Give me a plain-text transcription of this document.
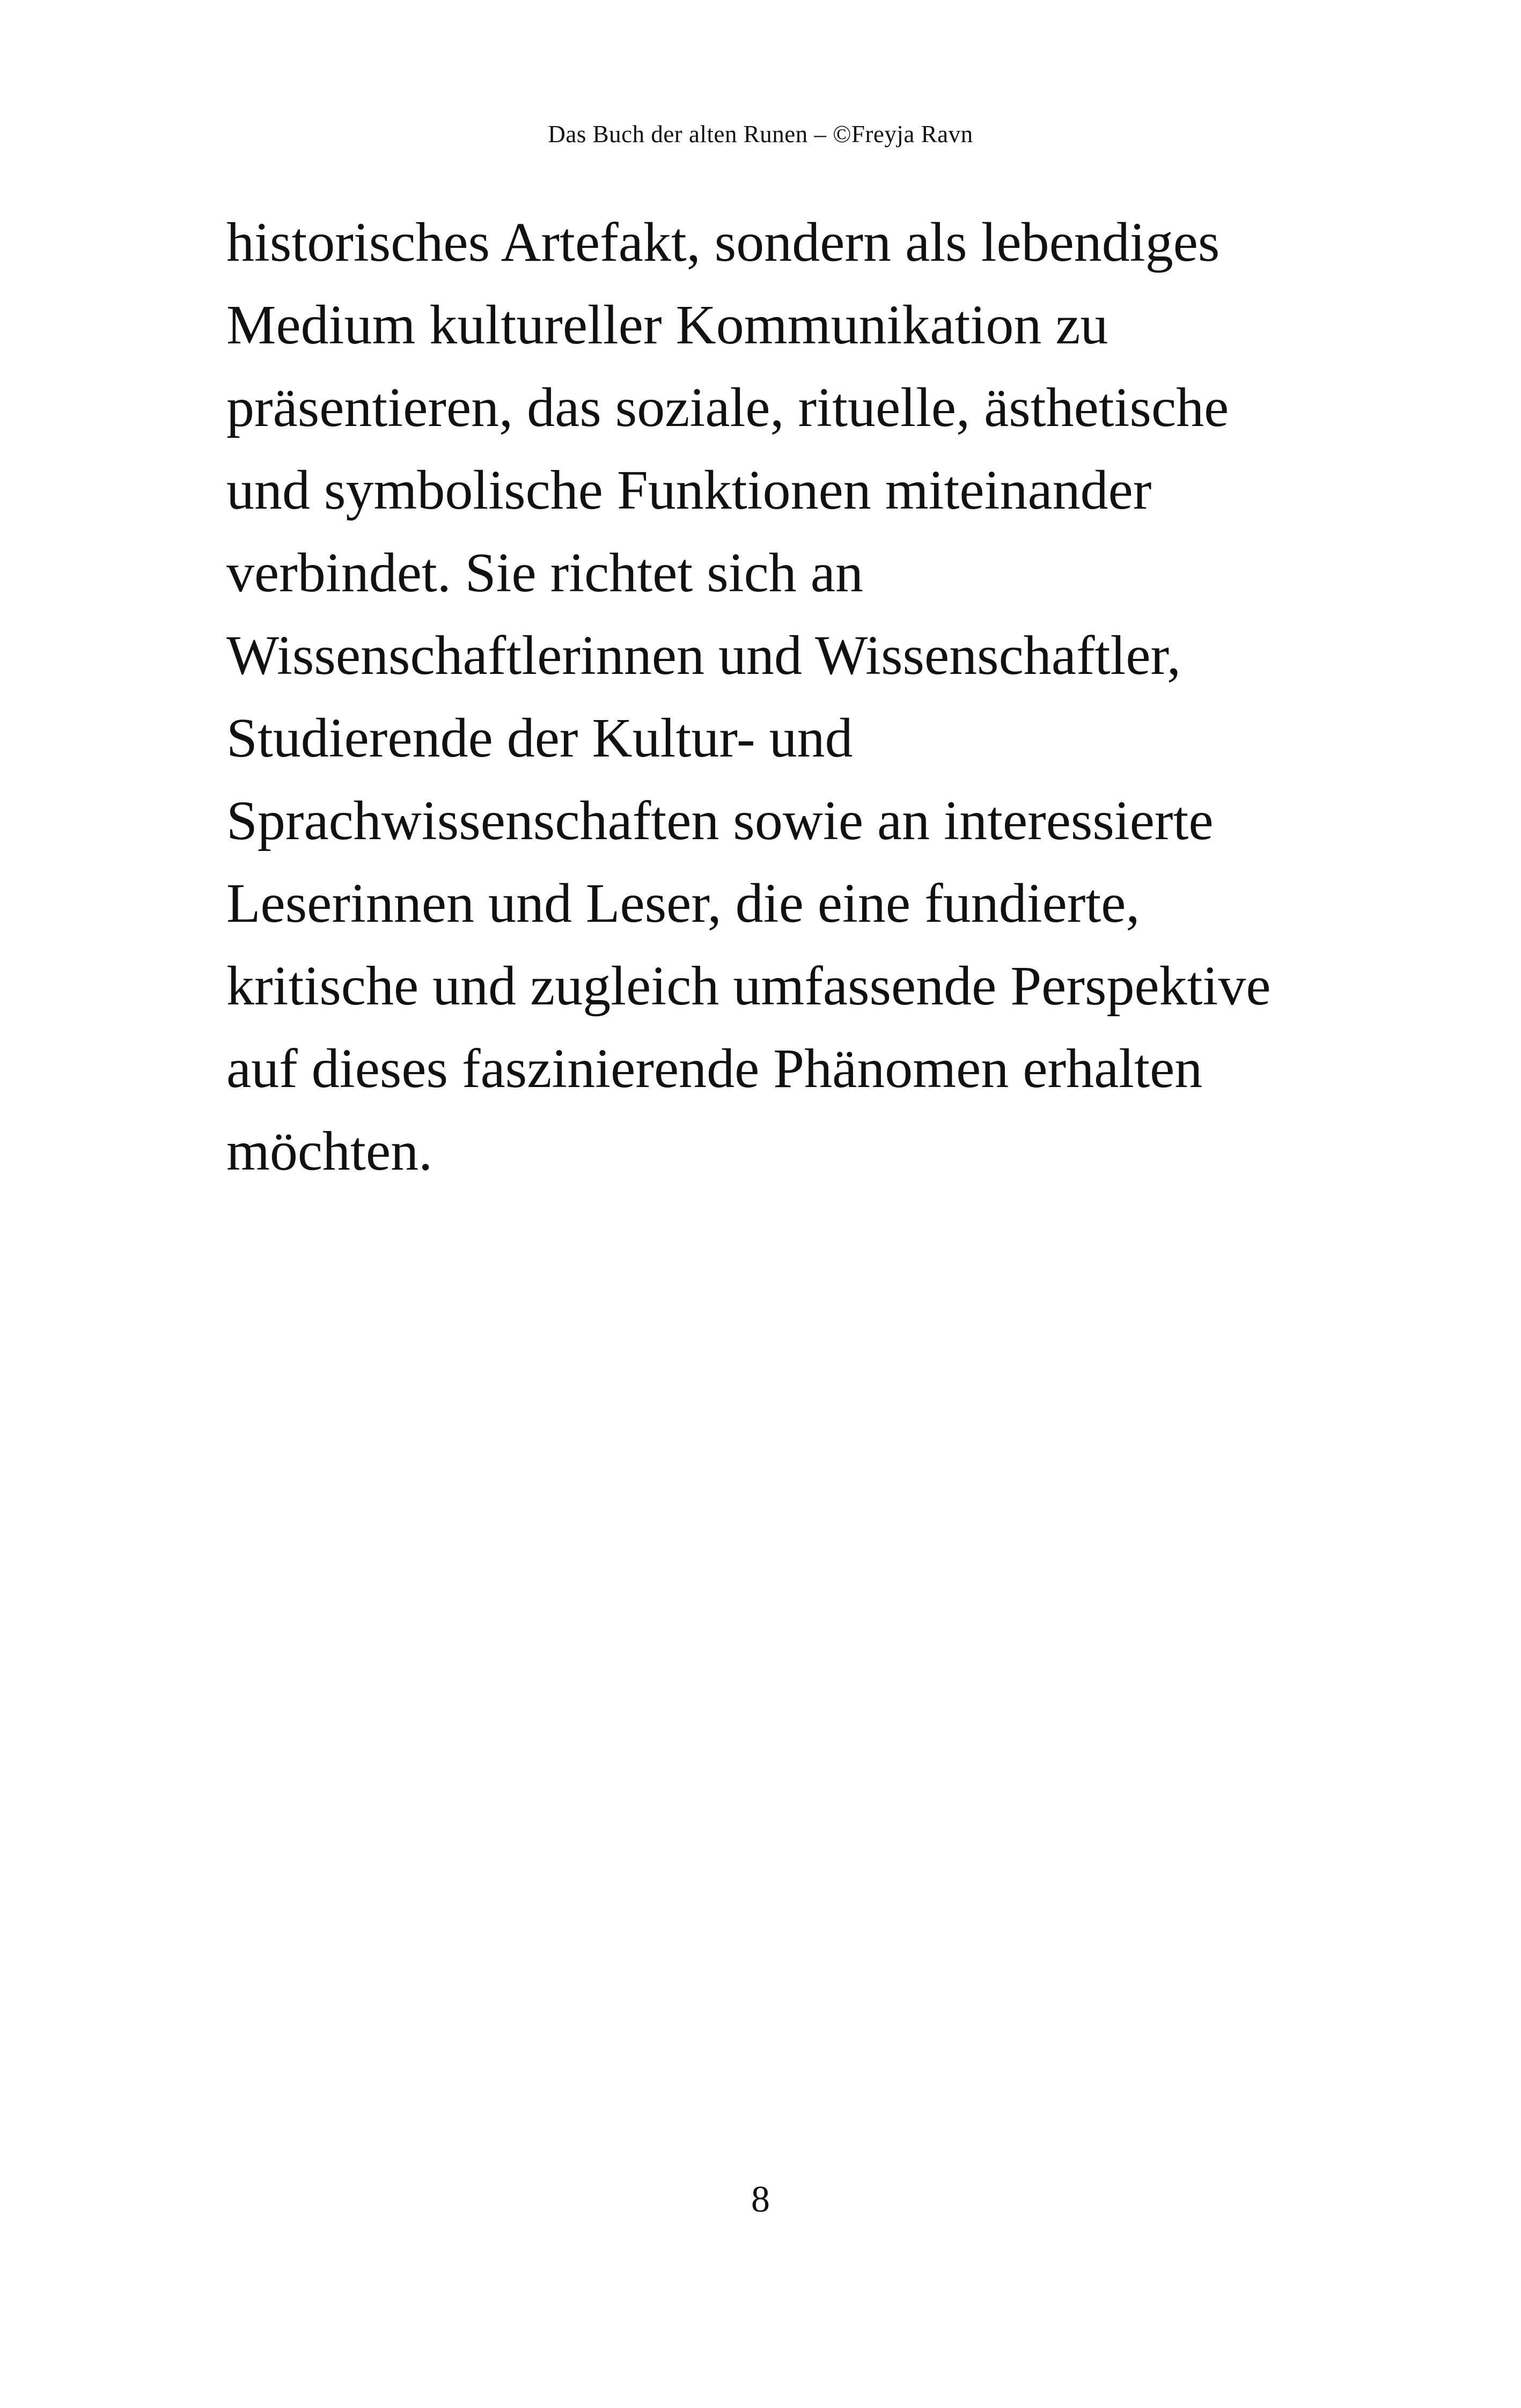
Das Buch der alten Runen – ©Freyja Ravn
historisches Artefakt, sondern als lebendiges
Medium kultureller Kommunikation zu
präsentieren, das soziale, rituelle, ästhetische
und symbolische Funktionen miteinander
verbindet. Sie richtet sich an
Wissenschaftlerinnen und Wissenschaftler,
Studierende der Kultur- und
Sprachwissenschaften sowie an interessierte
Leserinnen und Leser, die eine fundierte,
kritische und zugleich umfassende Perspektive
auf dieses faszinierende Phänomen erhalten
möchten.
8
